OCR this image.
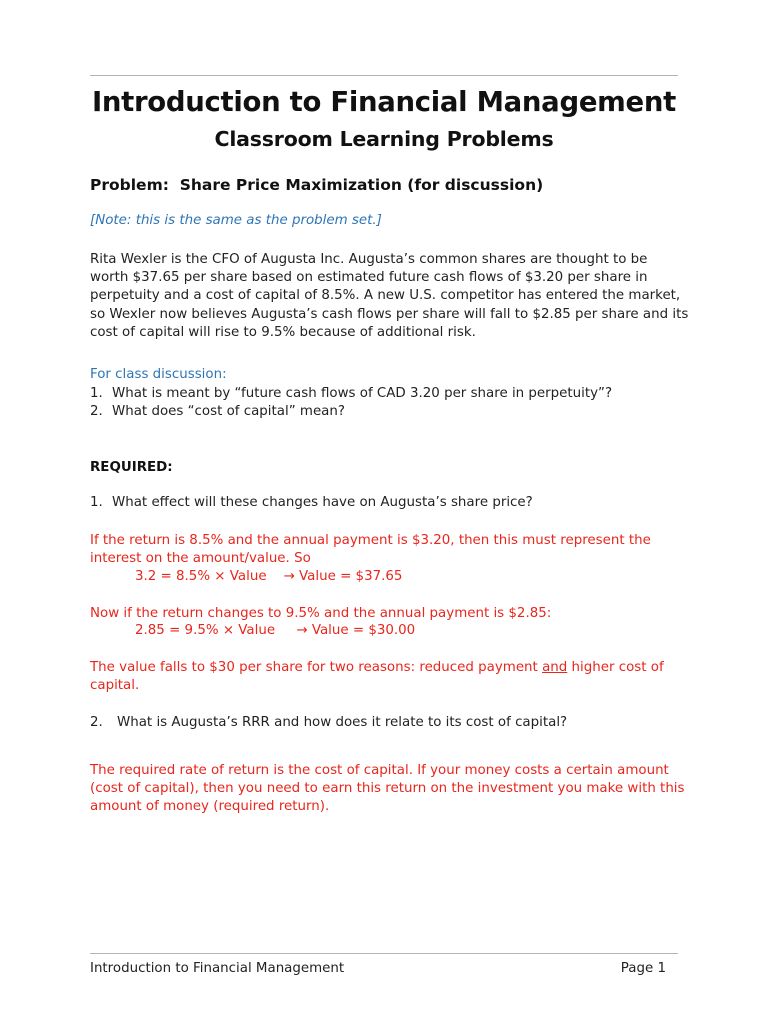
Introduction to Financial Management
Classroom Learning Problems
Problem:  Share Price Maximization (for discussion)
[Note: this is the same as the problem set.]
Rita Wexler is the CFO of Augusta Inc. Augusta’s common shares are thought to be
worth $37.65 per share based on estimated future cash flows of $3.20 per share in
perpetuity and a cost of capital of 8.5%. A new U.S. competitor has entered the market,
so Wexler now believes Augusta’s cash flows per share will fall to $2.85 per share and its
cost of capital will rise to 9.5% because of additional risk.
For class discussion:
1. What is meant by “future cash flows of CAD 3.20 per share in perpetuity”?
2. What does “cost of capital” mean?
REQUIRED:
1. What effect will these changes have on Augusta’s share price?
If the return is 8.5% and the annual payment is $3.20, then this must represent the
interest on the amount/value. So
3.2 = 8.5% × Value    → Value = $37.65
Now if the return changes to 9.5% and the annual payment is $2.85:
2.85 = 9.5% × Value     → Value = $30.00
The value falls to $30 per share for two reasons: reduced payment and higher cost of
capital.
2. What is Augusta’s RRR and how does it relate to its cost of capital?
The required rate of return is the cost of capital. If your money costs a certain amount
(cost of capital), then you need to earn this return on the investment you make with this
amount of money (required return).
Introduction to Financial Management	Page 1
